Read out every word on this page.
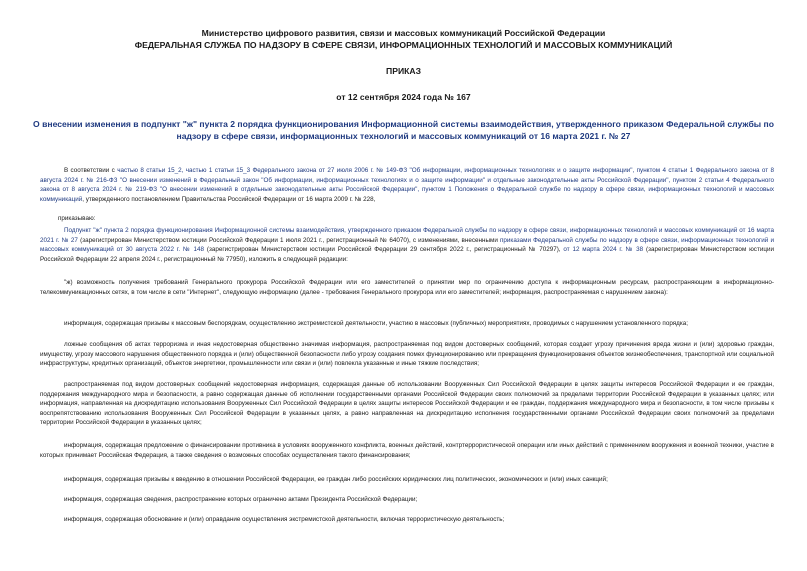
Министерство цифрового развития, связи и массовых коммуникаций Российской Федерации
ФЕДЕРАЛЬНАЯ СЛУЖБА ПО НАДЗОРУ В СФЕРЕ СВЯЗИ, ИНФОРМАЦИОННЫХ ТЕХНОЛОГИЙ И МАССОВЫХ КОММУНИКАЦИЙ
ПРИКАЗ
от 12 сентября 2024 года № 167
О внесении изменения в подпункт "ж" пункта 2 порядка функционирования Информационной системы взаимодействия, утвержденного приказом Федеральной службы по надзору в сфере связи, информационных технологий и массовых коммуникаций от 16 марта 2021 г. № 27

В соответствии с частью 8 статьи 15_2, частью 1 статьи 15_3 Федерального закона от 27 июля 2006 г. № 149-ФЗ "Об информации, информационных технологиях и о защите информации", пунктом 4 статьи 1 Федерального закона от 8 августа 2024 г. № 216-ФЗ "О внесении изменений в Федеральный закон "Об информации, информационных технологиях и о защите информации" и отдельные законодательные акты Российской Федерации", пунктом 2 статьи 4 Федерального закона от 8 августа 2024 г. № 219-ФЗ "О внесении изменений в отдельные законодательные акты Российской Федерации", пунктом 1 Положения о Федеральной службе по надзору в сфере связи, информационных технологий и массовых коммуникаций, утвержденного постановлением Правительства Российской Федерации от 16 марта 2009 г. № 228,

приказываю:

Подпункт "ж" пункта 2 порядка функционирования Информационной системы взаимодействия, утвержденного приказом Федеральной службы по надзору в сфере связи, информационных технологий и массовых коммуникаций от 16 марта 2021 г. № 27 (зарегистрирован Министерством юстиции Российской Федерации 1 июля 2021 г., регистрационный № 64070), с изменениями, внесенными приказами Федеральной службы по надзору в сфере связи, информационных технологий и массовых коммуникаций от 30 августа 2022 г. № 148 (зарегистрирован Министерством юстиции Российской Федерации 29 сентября 2022 г., регистрационный № 70297), от 12 марта 2024 г. № 38 (зарегистрирован Министерством юстиции Российской Федерации 22 апреля 2024 г., регистрационный № 77950), изложить в следующей редакции:

"ж) возможность получения требований Генерального прокурора Российской Федерации или его заместителей о принятии мер по ограничению доступа к информационным ресурсам, распространяющим в информационно-телекоммуникационных сетях, в том числе в сети "Интернет", следующую информацию (далее - требования Генерального прокурора или его заместителей; информация, распространяемая с нарушением закона):

информация, содержащая призывы к массовым беспорядкам, осуществлению экстремистской деятельности, участию в массовых (публичных) мероприятиях, проводимых с нарушением установленного порядка;

ложные сообщения об актах терроризма и иная недостоверная общественно значимая информация, распространяемая под видом достоверных сообщений, которая создает угрозу причинения вреда жизни и (или) здоровью граждан, имуществу, угрозу массового нарушения общественного порядка и (или) общественной безопасности либо угрозу создания помех функционированию или прекращения функционирования объектов жизнеобеспечения, транспортной или социальной инфраструктуры, кредитных организаций, объектов энергетики, промышленности или связи и (или) повлекла указанные и иные тяжкие последствия;

распространяемая под видом достоверных сообщений недостоверная информация, содержащая данные об использовании Вооруженных Сил Российской Федерации в целях защиты интересов Российской Федерации и ее граждан, поддержания международного мира и безопасности, а равно содержащая данные об исполнении государственными органами Российской Федерации своих полномочий за пределами территории Российской Федерации в указанных целях; или информация, направленная на дискредитацию использования Вооруженных Сил Российской Федерации в целях защиты интересов Российской Федерации и ее граждан, поддержания международного мира и безопасности, в том числе призывы к воспрепятствованию использования Вооруженных Сил Российской Федерации в указанных целях, а равно направленная на дискредитацию исполнения государственными органами Российской Федерации своих полномочий за пределами территории Российской Федерации в указанных целях;

информация, содержащая предложение о финансировании противника в условиях вооруженного конфликта, военных действий, контртеррористической операции или иных действий с применением вооружения и военной техники, участие в которых принимает Российская Федерация, а также сведения о возможных способах осуществления такого финансирования;

информация, содержащая призывы к введению в отношении Российской Федерации, ее граждан либо российских юридических лиц политических, экономических и (или) иных санкций;

информация, содержащая сведения, распространение которых ограничено актами Президента Российской Федерации;

информация, содержащая обоснование и (или) оправдание осуществления экстремистской деятельности, включая террористическую деятельность;
